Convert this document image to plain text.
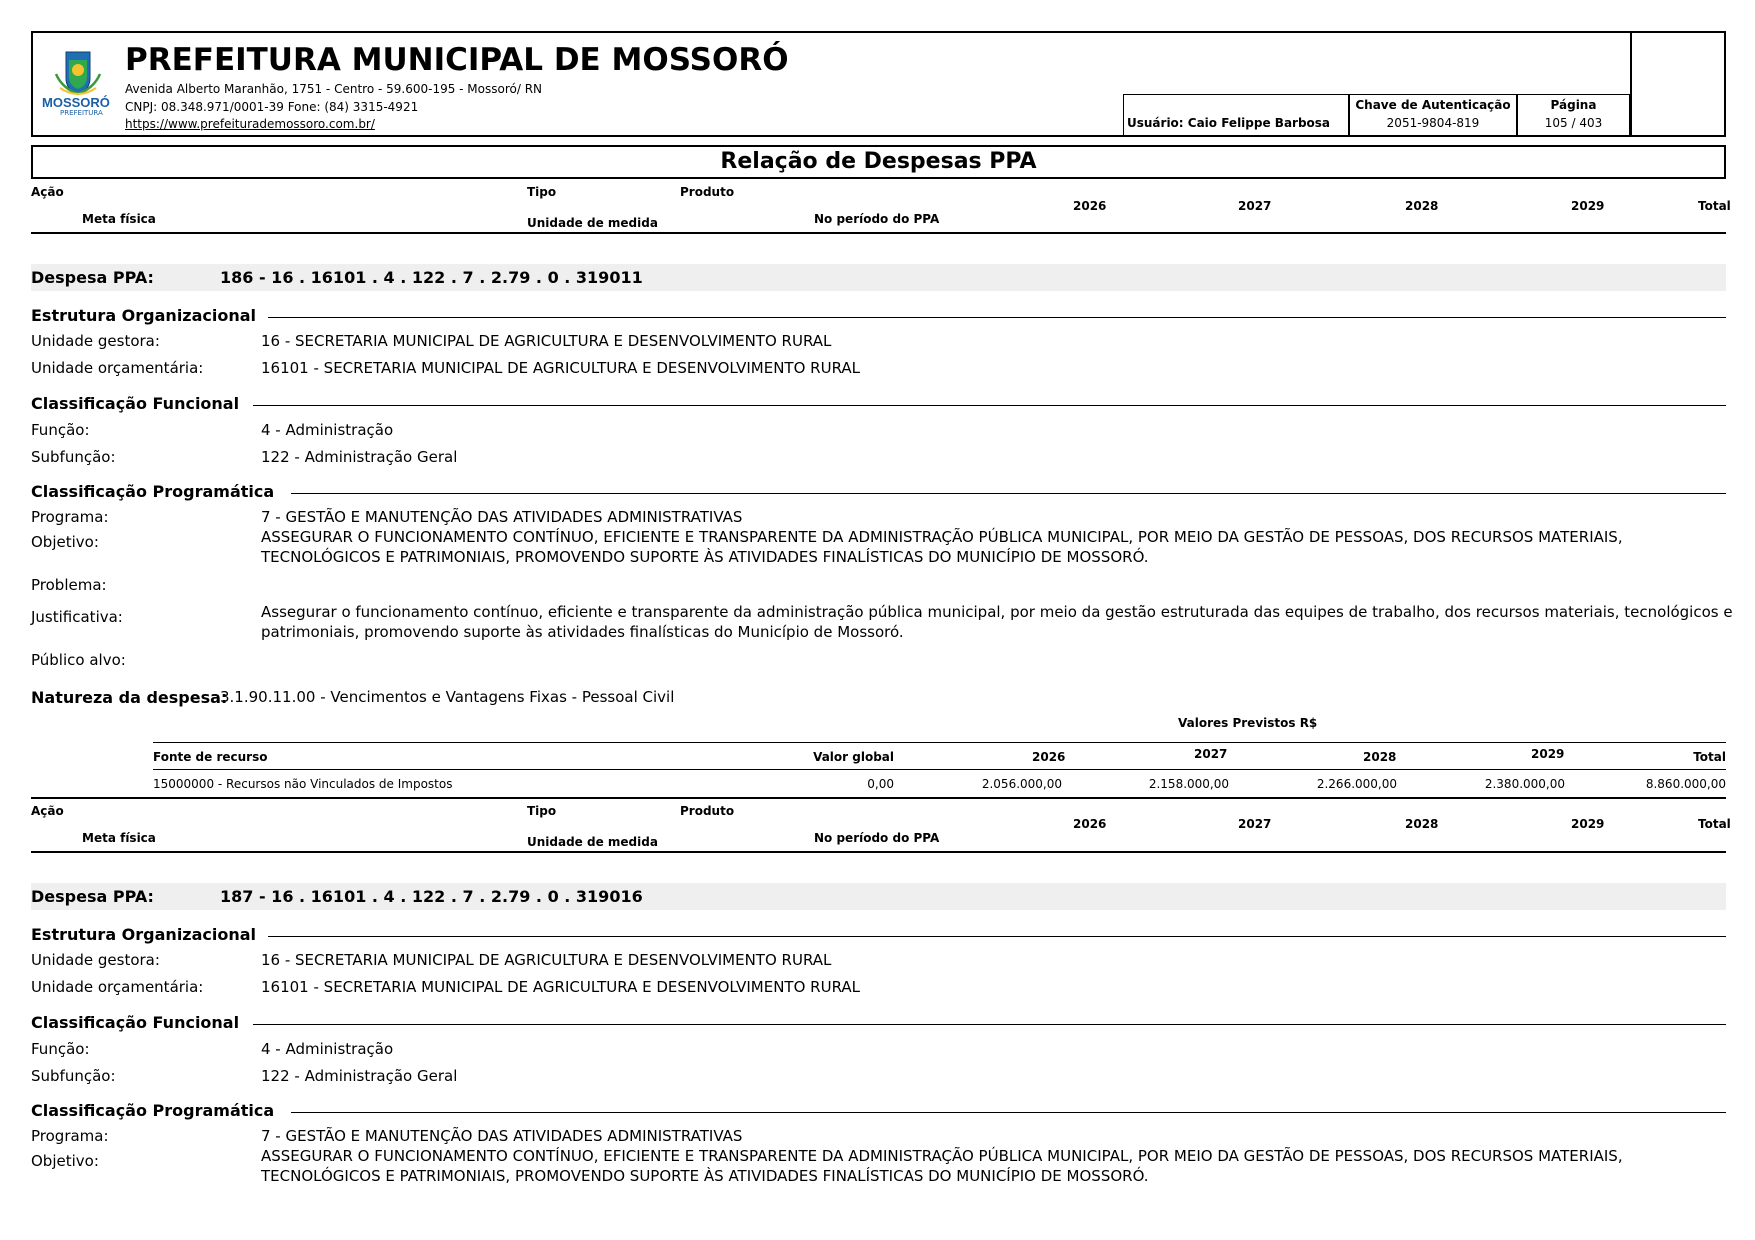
MOSSORÓ
PREFEITURA
PREFEITURA MUNICIPAL DE MOSSORÓ
Avenida Alberto Maranhão, 1751 - Centro - 59.600-195 - Mossoró/ RN
CNPJ: 08.348.971/0001-39 Fone: (84) 3315-4921
https://www.prefeiturademossoro.com.br/	Usuário: Caio Felippe Barbosa
Chave de Autenticação
2051-9804-819
Página
105 / 403
Relação de Despesas PPA
Ação	Tipo	Produto
Meta física	Unidade de medida	No período do PPA
2026	2027	2028	2029	Total
Despesa PPA:	186 - 16 . 16101 . 4 . 122 . 7 . 2.79 . 0 . 319011
Estrutura Organizacional
Unidade gestora:	16 - SECRETARIA MUNICIPAL DE AGRICULTURA E DESENVOLVIMENTO RURAL
Unidade orçamentária:	16101 - SECRETARIA MUNICIPAL DE AGRICULTURA E DESENVOLVIMENTO RURAL
Classificação Funcional
Função:	4 - Administração
Subfunção:	122 - Administração Geral
Classificação Programática
Programa:	7 - GESTÃO E MANUTENÇÃO DAS ATIVIDADES ADMINISTRATIVAS
Objetivo:	ASSEGURAR O FUNCIONAMENTO CONTÍNUO, EFICIENTE E TRANSPARENTE DA ADMINISTRAÇÃO PÚBLICA MUNICIPAL, POR MEIO DA GESTÃO DE PESSOAS, DOS RECURSOS MATERIAIS,
TECNOLÓGICOS E PATRIMONIAIS, PROMOVENDO SUPORTE ÀS ATIVIDADES FINALÍSTICAS DO MUNICÍPIO DE MOSSORÓ.
Problema:
Justificativa:	Assegurar o funcionamento contínuo, eficiente e transparente da administração pública municipal, por meio da gestão estruturada das equipes de trabalho, dos recursos materiais, tecnológicos e
patrimoniais, promovendo suporte às atividades finalísticas do Município de Mossoró.
Público alvo:
Natureza da despesa:
3.1.90.11.00 - Vencimentos e Vantagens Fixas - Pessoal Civil
Valores Previstos R$
Fonte de recurso	Valor global	2026	2027	2028	2029	Total
15000000 - Recursos não Vinculados de Impostos	0,00	2.056.000,00	2.158.000,00	2.266.000,00	2.380.000,00	8.860.000,00
Ação	Tipo	Produto
Meta física	Unidade de medida	No período do PPA
2026	2027	2028	2029	Total
Despesa PPA:	187 - 16 . 16101 . 4 . 122 . 7 . 2.79 . 0 . 319016
Estrutura Organizacional
Unidade gestora:	16 - SECRETARIA MUNICIPAL DE AGRICULTURA E DESENVOLVIMENTO RURAL
Unidade orçamentária:	16101 - SECRETARIA MUNICIPAL DE AGRICULTURA E DESENVOLVIMENTO RURAL
Classificação Funcional
Função:	4 - Administração
Subfunção:	122 - Administração Geral
Classificação Programática
Programa:	7 - GESTÃO E MANUTENÇÃO DAS ATIVIDADES ADMINISTRATIVAS
Objetivo:	ASSEGURAR O FUNCIONAMENTO CONTÍNUO, EFICIENTE E TRANSPARENTE DA ADMINISTRAÇÃO PÚBLICA MUNICIPAL, POR MEIO DA GESTÃO DE PESSOAS, DOS RECURSOS MATERIAIS,
TECNOLÓGICOS E PATRIMONIAIS, PROMOVENDO SUPORTE ÀS ATIVIDADES FINALÍSTICAS DO MUNICÍPIO DE MOSSORÓ.
